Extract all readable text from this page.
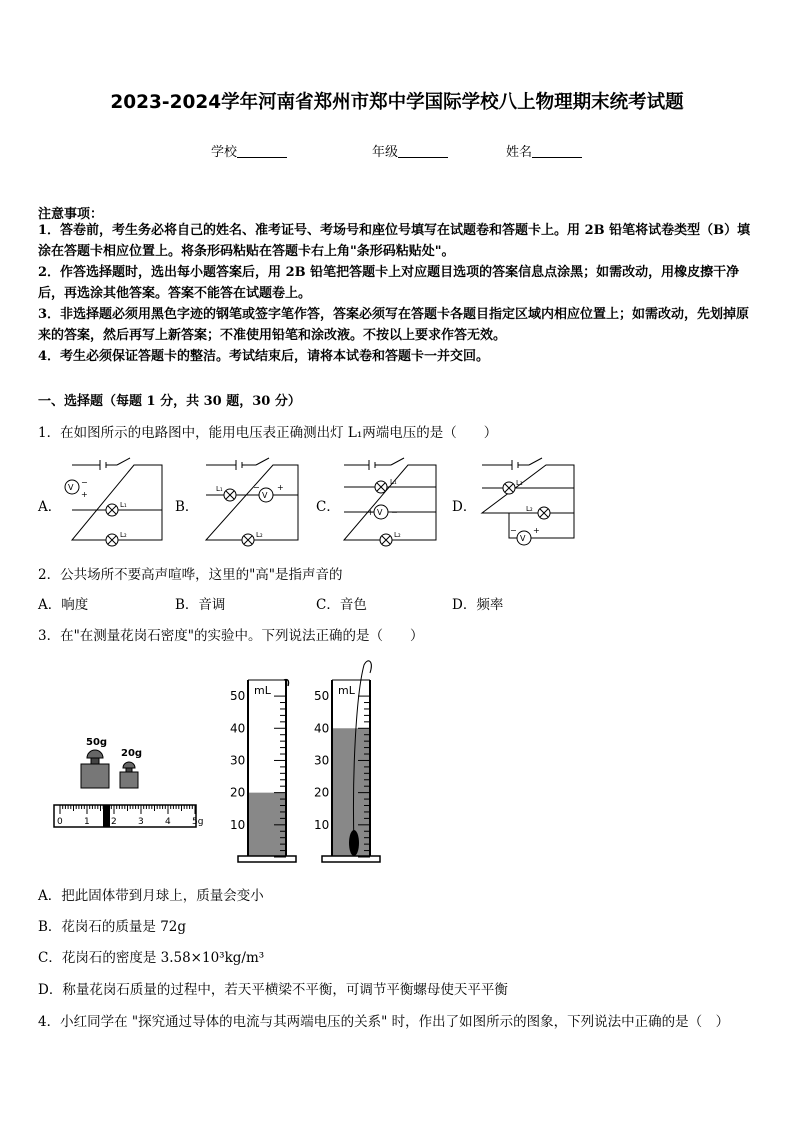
2023-2024学年河南省郑州市郑中学国际学校八上物理期末统考试题
学校	年级	姓名
注意事项：
1．答卷前，考生务必将自己的姓名、准考证号、考场号和座位号填写在试题卷和答题卡上。用 2B 铅笔将试卷类型（B）填涂在答题卡相应位置上。将条形码粘贴在答题卡右上角"条形码粘贴处"。
2．作答选择题时，选出每小题答案后，用 2B 铅笔把答题卡上对应题目选项的答案信息点涂黑；如需改动，用橡皮擦干净后，再选涂其他答案。答案不能答在试题卷上。
3．非选择题必须用黑色字迹的钢笔或签字笔作答，答案必须写在答题卡各题目指定区域内相应位置上；如需改动，先划掉原来的答案，然后再写上新答案；不准使用铅笔和涂改液。不按以上要求作答无效。
4．考生必须保证答题卡的整洁。考试结束后，请将本试卷和答题卡一并交回。
一、选择题（每题 1 分，共 30 题，30 分）
1．在如图所示的电路图中，能用电压表正确测出灯 L₁两端电压的是（　　）
A．	B．	C．	D．
V
−
+
L₁
L₂
L₁
V
− +
L₂
L₁
V
+ −
L₂
L₁
L₂
V
− +
2．公共场所不要高声喧哗，这里的"高"是指声音的
A．响度	B．音调	C．音色	D．频率
3．在"在测量花岗石密度"的实验中。下列说法正确的是（　　）
50g
20g
0 1 2 3 4 5g
mL
50
40
30
20
10
mL
50
40
30
20
10
A．把此固体带到月球上，质量会变小
B．花岗石的质量是 72g
C．花岗石的密度是 3.58×10³kg/m³
D．称量花岗石质量的过程中，若天平横梁不平衡，可调节平衡螺母使天平平衡
4．小红同学在 "探究通过导体的电流与其两端电压的关系" 时，作出了如图所示的图象，下列说法中正确的是（　）
